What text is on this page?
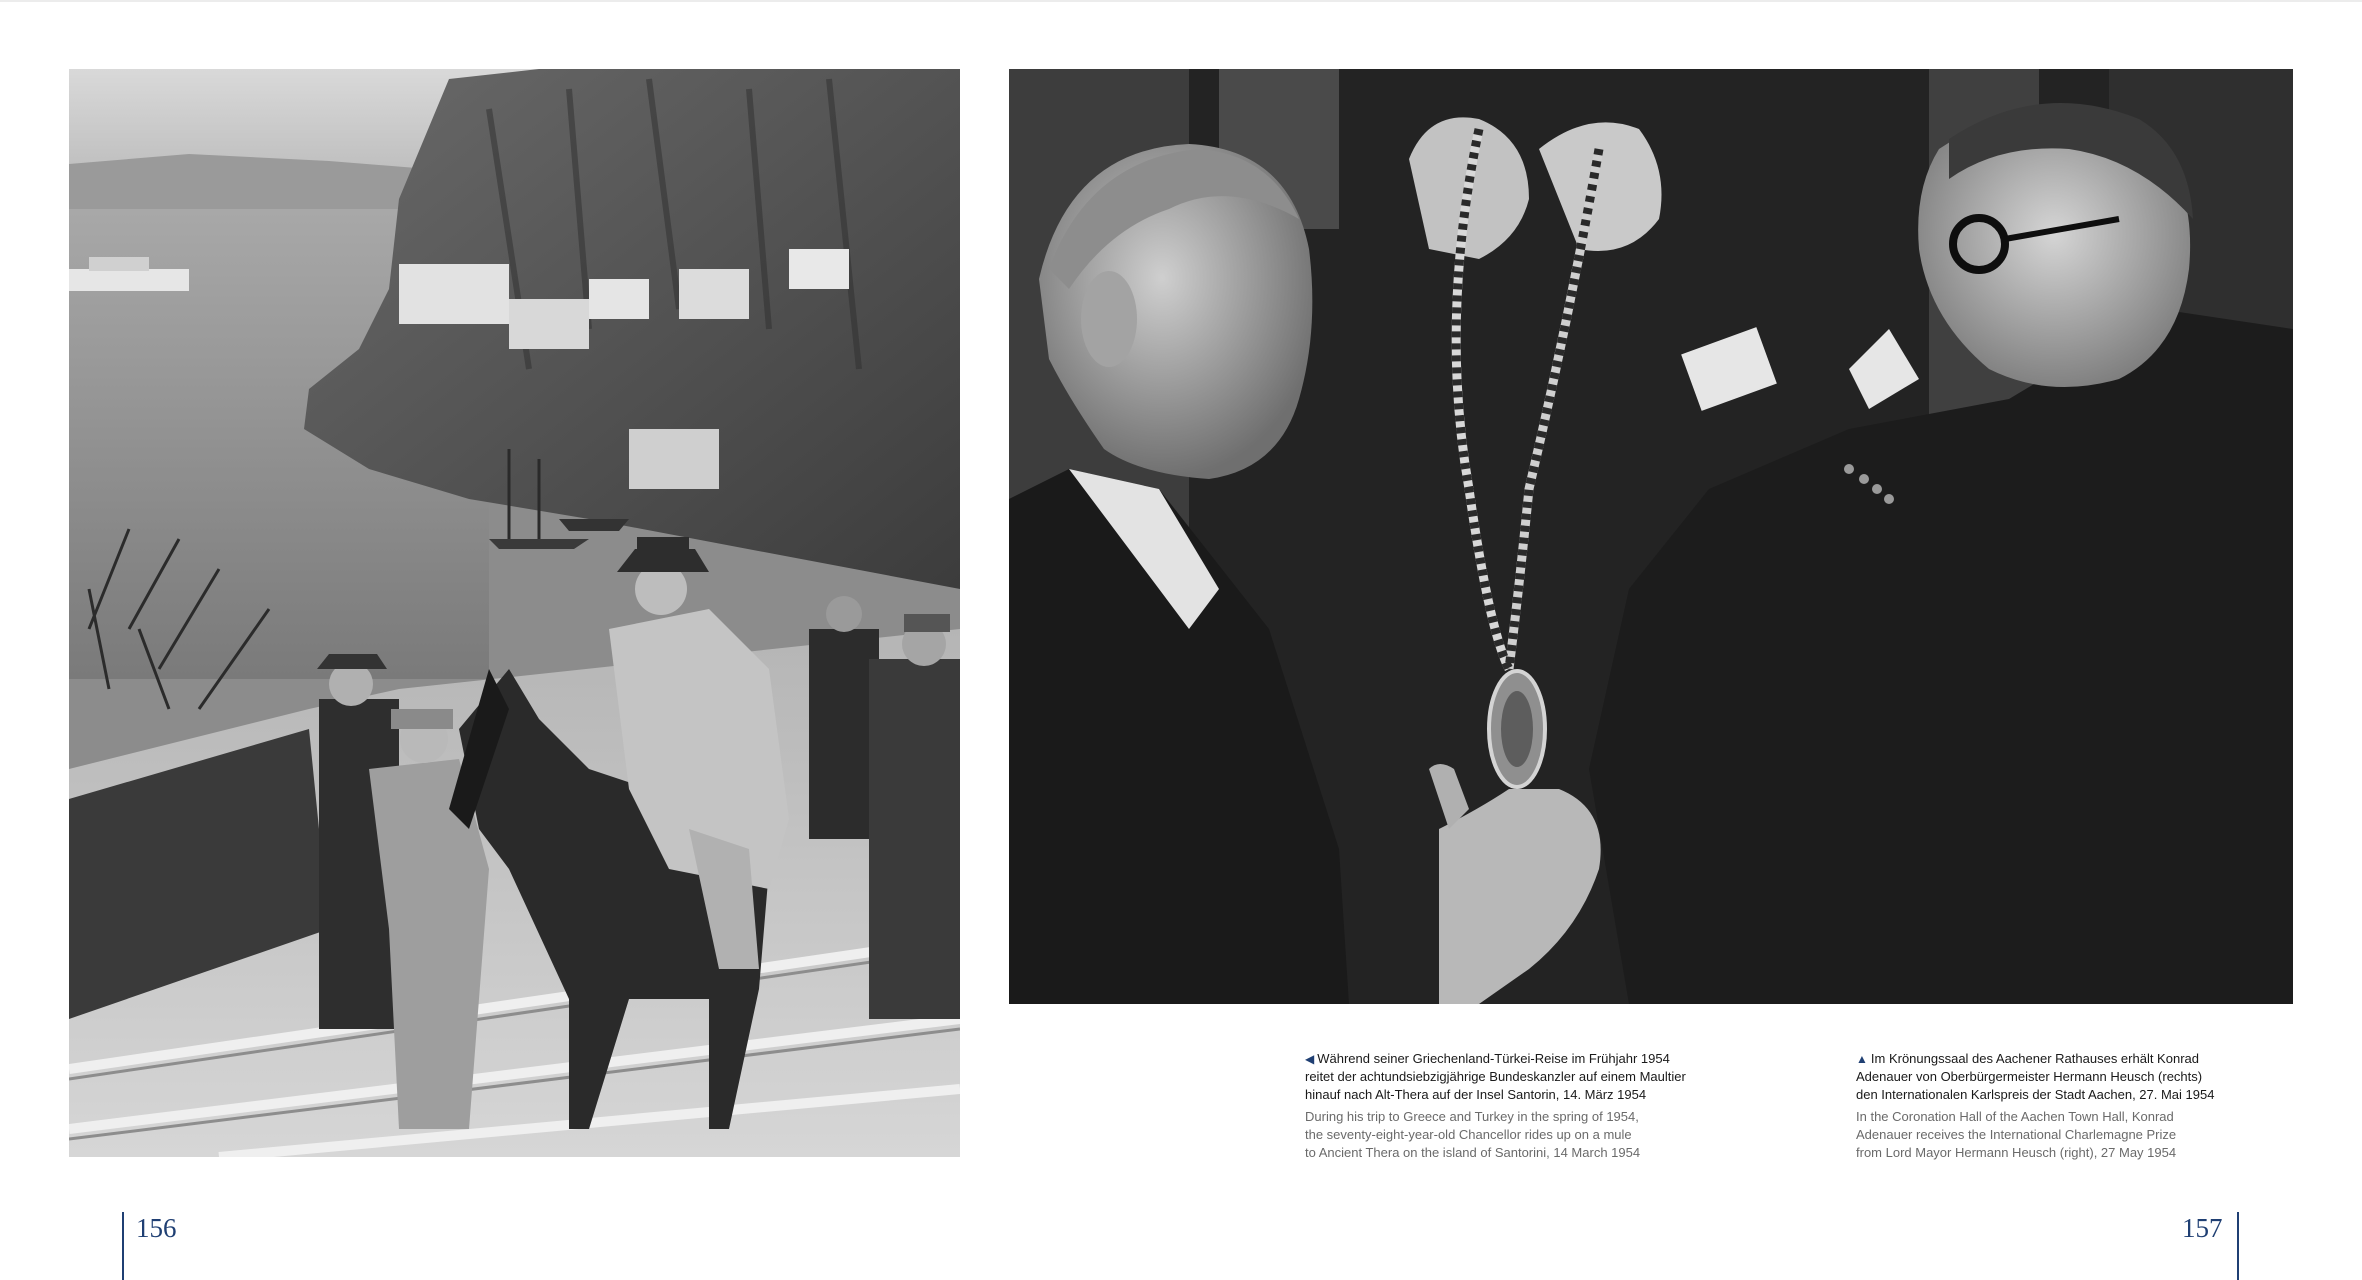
◀ Während seiner Griechenland-Türkei-Reise im Frühjahr 1954
reitet der achtundsiebzigjährige Bundeskanzler auf einem Maultier
hinauf nach Alt-Thera auf der Insel Santorin, 14. März 1954
During his trip to Greece and Turkey in the spring of 1954,
the seventy-eight-year-old Chancellor rides up on a mule
to Ancient Thera on the island of Santorini, 14 March 1954
▲ Im Krönungssaal des Aachener Rathauses erhält Konrad
Adenauer von Oberbürgermeister Hermann Heusch (rechts)
den Internationalen Karlspreis der Stadt Aachen, 27. Mai 1954
In the Coronation Hall of the Aachen Town Hall, Konrad
Adenauer receives the International Charlemagne Prize
from Lord Mayor Hermann Heusch (right), 27 May 1954
156	157
